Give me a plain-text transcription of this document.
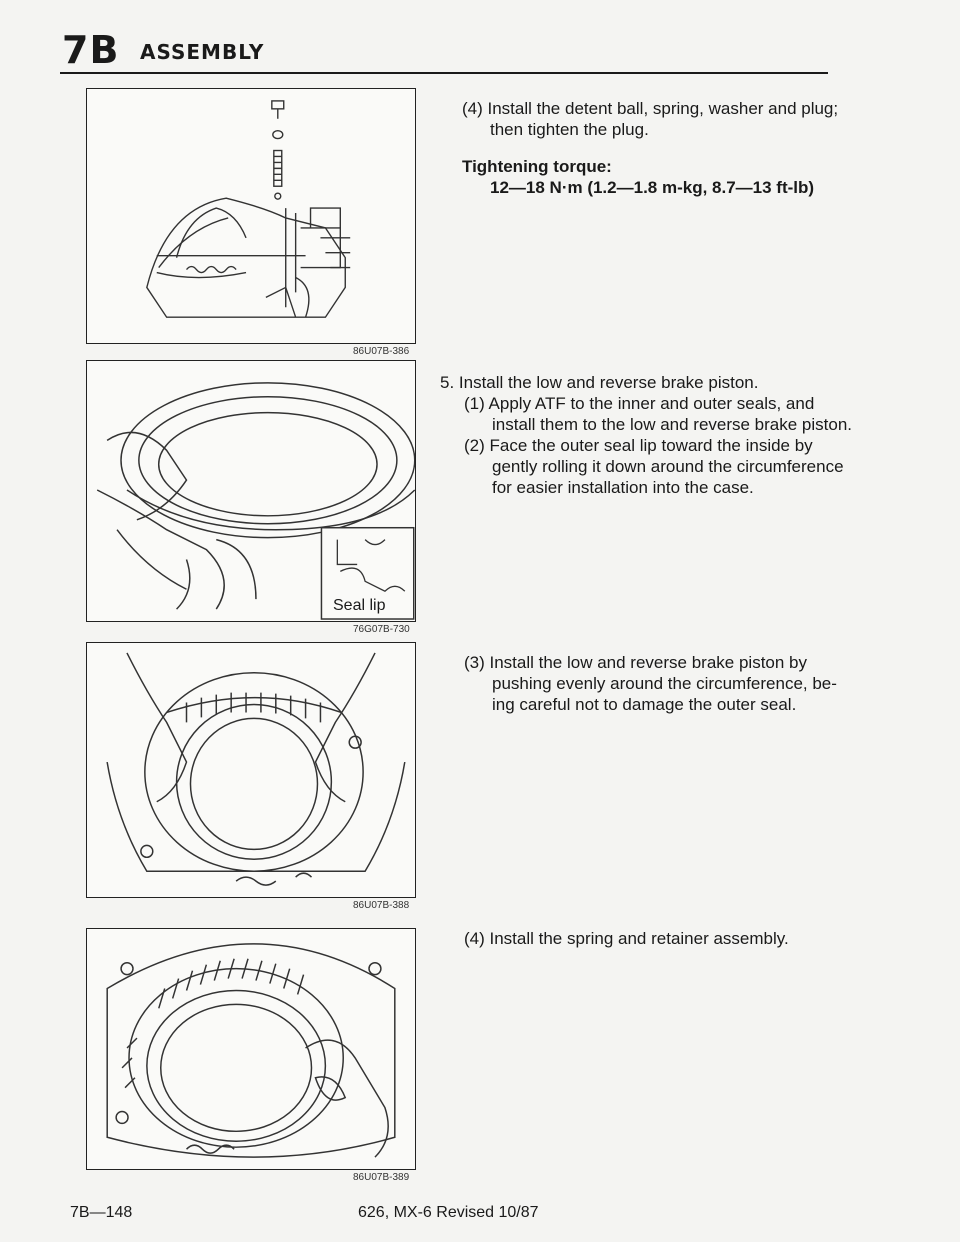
7B ASSEMBLY
86U07B-386
Seal lip
76G07B-730
86U07B-388
86U07B-389
(4) Install the detent ball, spring, washer and plug;
then tighten the plug.
Tightening torque:
12—18 N·m (1.2—1.8 m-kg, 8.7—13 ft-lb)
5. Install the low and reverse brake piston.
(1) Apply ATF to the inner and outer seals, and
install them to the low and reverse brake piston.
(2) Face the outer seal lip toward the inside by
gently rolling it down around the circumference
for easier installation into the case.
(3) Install the low and reverse brake piston by
pushing evenly around the circumference, be-
ing careful not to damage the outer seal.
(4) Install the spring and retainer assembly.
7B—148	626, MX-6 Revised 10/87
